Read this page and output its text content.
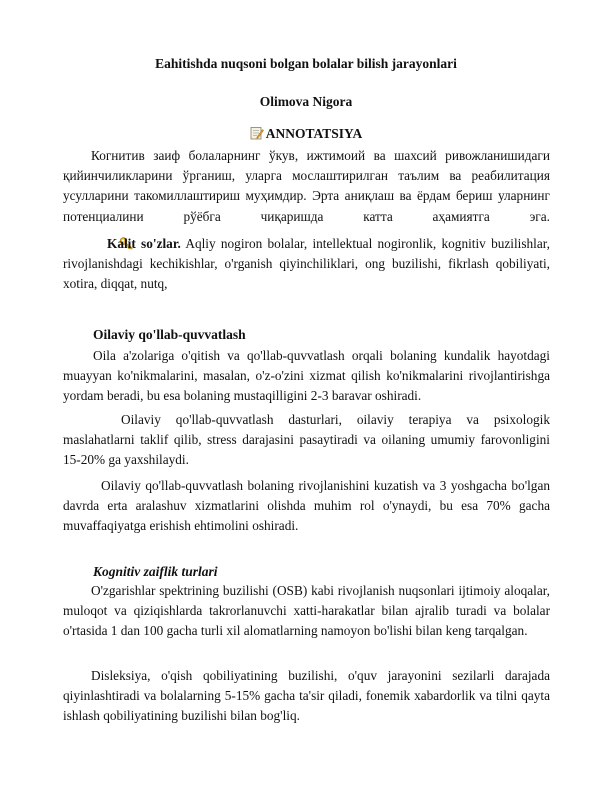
Eahitishda nuqsoni bolgan bolalar bilish jarayonlari
Olimova Nigora
ANNOTATSIYA
Когнитив заиф болаларнинг ўкув, ижтимоий ва шахсий ривожланишидаги қийинчиликларини ўрганиш, уларга мослаштирилган таълим ва реабилитация усулларини такомиллаштириш муҳимдир. Эрта аниқлаш ва ёрдам бериш уларнинг потенциалини рўёбга чиқаришда катта аҳамиятга эга.
Kalit so'zlar. Aqliy nogiron bolalar, intellektual nogironlik, kognitiv buzilishlar, rivojlanishdagi kechikishlar, o'rganish qiyinchiliklari, ong buzilishi, fikrlash qobiliyati, xotira, diqqat, nutq,
Oilaviy qo'llab-quvvatlash
Oila a'zolariga o'qitish va qo'llab-quvvatlash orqali bolaning kundalik hayotdagi muayyan ko'nikmalarini, masalan, o'z-o'zini xizmat qilish ko'nikmalarini rivojlantirishga yordam beradi, bu esa bolaning mustaqilligini 2-3 baravar oshiradi.
Oilaviy qo'llab-quvvatlash dasturlari, oilaviy terapiya va psixologik maslahatlarni taklif qilib, stress darajasini pasaytiradi va oilaning umumiy farovonligini 15-20% ga yaxshilaydi.
Oilaviy qo'llab-quvvatlash bolaning rivojlanishini kuzatish va 3 yoshgacha bo'lgan davrda erta aralashuv xizmatlarini olishda muhim rol o'ynaydi, bu esa 70% gacha muvaffaqiyatga erishish ehtimolini oshiradi.
Kognitiv zaiflik turlari
O'zgarishlar spektrining buzilishi (OSB) kabi rivojlanish nuqsonlari ijtimoiy aloqalar, muloqot va qiziqishlarda takrorlanuvchi xatti-harakatlar bilan ajralib turadi va bolalar o'rtasida 1 dan 100 gacha turli xil alomatlarning namoyon bo'lishi bilan keng tarqalgan.
Disleksiya, o'qish qobiliyatining buzilishi, o'quv jarayonini sezilarli darajada qiyinlashtiradi va bolalarning 5-15% gacha ta'sir qiladi, fonemik xabardorlik va tilni qayta ishlash qobiliyatining buzilishi bilan bog'liq.
